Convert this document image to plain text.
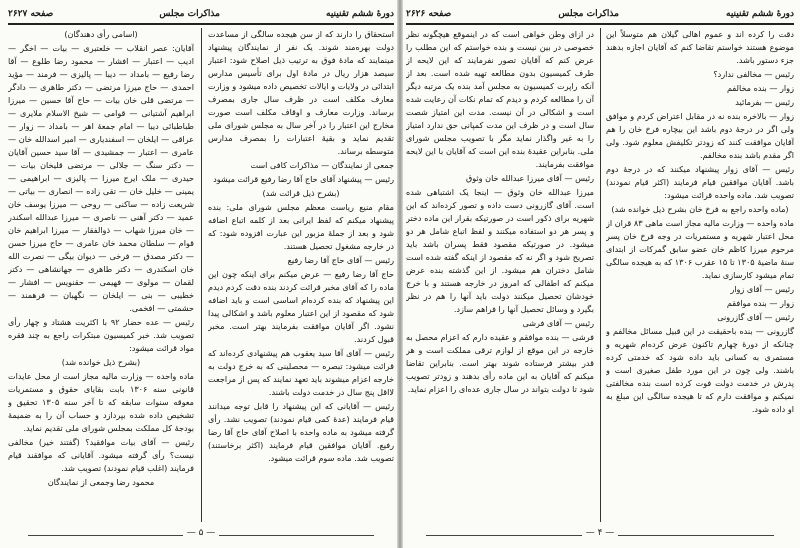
صفحه ۲۶۲۷	مذاکرات مجلس	دورهٔ ششم تقنینیه

(اسامی رأی دهندگان)

آقایان: عصر انقلاب — خلعتبری — بیات — اخگر — ادیب — اعتبار — افشار — محمود رضا طلوع — آقا رضا رفیع — بامداد — دیبا — پالیزی — فرمند — مؤید احمدی — حاج میرزا مرتضی — دکتر طاهری — دادگر — مرتضی قلی خان بیات — حاج آقا حسین — میرزا ابراهیم آشتیانی — قوامی — شیخ الاسلام ملایری — طباطبائی دیبا — امام جمعهٔ اهر — بامداد — زوار — عراقی — ایلخان — اسفندیاری — امیر اسدالله خان — عامری — اعتبار — جمشیدی — آقا سید حسین آقایان — دکتر سنگ — جلالی — مرتضی قلیخان بیات — حیدری — ملک ایرج میرزا — پالیزی — ابراهیمی — یمینی — خلیل خان — تقی زاده — انصاری — بیاتی — شریعت زاده — ساکنی — روحی — میرزا یوسف خان عمید — دکتر آهنی — ناصری — میرزا عبدالله اسکندر — خان میرزا شهاب — ذوالفقار — میرزا ابراهیم خان قوام — سلطان محمد خان عامری — حاج میرزا حسن — دکتر مصدق — فرخی — دیوان بیگی — نصرت الله خان اسکندری — دکتر طاهری — جهانشاهی — دکتر لقمان — مولوی — فهیمی — حقنویس — افشار — خطیبی — بنی — ایلخان — نگهبان — فرهمند — حشمتی — افخمی.

رئیس — عده حضار ۹۲ با اکثریت هشتاد و چهار رأی تصویب شد. خبر کمیسیون مبتکرات راجع به چند فقره مواد قرائت میشود:

(بشرح ذیل خوانده شد)

ماده واحده — وزارت مالیه مجاز است از محل عایدات قانونی سنه ۱۳۰۶ بابت بقایای حقوق و مستمریات معوقه سنوات سابقه که تا آخر سنه ۱۳۰۵ تحقیق و تشخیص داده شده بپردازد و حساب آن را به ضمیمهٔ بودجهٔ کل مملکت بمجلس شورای ملی تقدیم نماید.

رئیس — آقای بیات موافقید؟ (گفتند خیر) مخالفی نیست؟ رأی گرفته میشود. آقایانی که موافقند قیام فرمایند (اغلب قیام نمودند) تصویب شد.

محمود رضا وجمعی از نمایندگان

استحقاق را دارند که از سن هیجده سالگی از مساعدت دولت بهره‌مند شوند. یک نفر از نمایندگان پیشنهاد مینمایند که مادهٔ فوق به ترتیب ذیل اصلاح شود: اعتبار سیصد هزار ریال در مادهٔ اول برای تأسیس مدارس ابتدائی در ولایات و ایالات تخصیص داده میشود و وزارت معارف مکلف است در ظرف سال جاری بمصرف برساند. وزارت معارف و اوقاف مکلف است صورت مخارج این اعتبار را در آخر سال به مجلس شورای ملی تقدیم نماید و بقیهٔ اعتبارات را بمصرف مدارس متوسطه برساند.

جمعی از نمایندگان — مذاکرات کافی است

رئیس — پیشنهاد آقای حاج آقا رضا رفیع قرائت میشود

(بشرح ذیل قرائت شد)

مقام منیع ریاست معظم مجلس شورای ملی: بنده پیشنهاد میکنم که لفظ ایرانی بعد از کلمه اتباع اضافه شود و بعد از جملهٔ مزبور این عبارت افزوده شود: که در خارجه مشغول تحصیل هستند.

رئیس — آقای حاج آقا رضا رفیع

حاج آقا رضا رفیع — عرض میکنم برای اینکه چون این ماده را که آقای مخبر قرائت کردند بنده دقت کردم دیدم این پیشنهاد که بنده کرده‌ام اساسی است و باید اضافه شود که مقصود از این اعتبار معلوم باشد و اشکالی پیدا نشود. اگر آقایان موافقت بفرمایند بهتر است. مخبر قبول کردند.

رئیس — آقای آقا سید یعقوب هم پیشنهادی کرده‌اند که قرائت میشود: تبصره — محصلینی که به خرج دولت به خارجه اعزام میشوند باید تعهد نمایند که پس از مراجعت لااقل پنج سال در خدمت دولت باشند.

رئیس — آقایانی که این پیشنهاد را قابل توجه میدانند قیام فرمایند (عدهٔ کمی قیام نمودند) تصویب نشد. رأی گرفته میشود به ماده واحده با اصلاح آقای حاج آقا رضا رفیع. آقایان موافقین قیام فرمایند (اکثر برخاستند) تصویب شد. ماده سوم قرائت میشود.

— ۵ —
صفحه ۲۶۲۶	مذاکرات مجلس	دورهٔ ششم تقنینیه

در ازای وطن خواهی است که در اینموقع هیچگونه نظر خصوصی در بین نیست و بنده خواستم که این مطلب را عرض کنم که آقایان تصور نفرمایند که این لایحه از طرف کمیسیون بدون مطالعه تهیه شده است. بعد از آنکه راپرت کمیسیون به مجلس آمد بنده یک مرتبه دیگر آن را مطالعه کردم و دیدم که تمام نکات آن رعایت شده است و اشکالی در آن نیست. مدت این امتیاز شصت سال است و در ظرف این مدت کمپانی حق ندارد امتیاز را به غیر واگذار نماید مگر با تصویب مجلس شورای ملی. بنابراین عقیدهٔ بنده این است که آقایان با این لایحه موافقت بفرمایند.

رئیس — آقای میرزا عبدالله خان وثوق

میرزا عبدالله خان وثوق — اینجا یک اشتباهی شده است. آقای گازرونی دست داده و تصور کرده‌اند که این شهریه برای ذکور است در صورتیکه بقرار این ماده دختر و پسر هر دو استفاده میکنند و لفظ اتباع شامل هر دو میشود. در صورتیکه مقصود فقط پسران باشد باید تصریح شود و اگر نه که مقصود از اینکه گفته شده است شامل دختران هم میشود. از این گذشته بنده عرض میکنم که اطفالی که امروز در خارجه هستند و با خرج خودشان تحصیل میکنند دولت باید آنها را هم در نظر بگیرد و وسائل تحصیل آنها را فراهم سازد.

رئیس — آقای فرشی

فرشی — بنده موافقم و عقیده دارم که اعزام محصل به خارجه در این موقع از لوازم ترقی مملکت است و هر قدر بیشتر فرستاده شوند بهتر است. بنابراین تقاضا میکنم که آقایان به این ماده رأی بدهند و زودتر تصویب شود تا دولت بتواند در سال جاری عده‌ای را اعزام نماید.

دقت را کرده اند و عموم اهالی گیلان هم متوسلاً این موضوع هستند خواستم تقاضا کنم که آقایان اجازه بدهند جزء دستور باشد.

رئیس — مخالفی ندارد؟

زوار — بنده مخالفم

رئیس — بفرمائید

زوار — بالاخره بنده نه در مقابل اعتراض کردم و موافق ولی اگر در درجهٔ دوم باشد این بیچاره فرخ خان را هم آقایان موافقت کنند که زودتر تکلیفش معلوم شود. ولی اگر مقدم باشد بنده مخالفم.

رئیس — آقای زوار پیشنهاد میکنند که در درجهٔ دوم باشد. آقایان موافقین قیام فرمایند (اکثر قیام نمودند) تصویب شد. ماده واحده قرائت میشود:

(ماده واحده راجع به فرخ خان بشرح ذیل خوانده شد)

ماده واحده — وزارت مالیه مجاز است ماهی ۸۳ قران از محل اعتبار شهریه و مستمریات در وجه فرخ خان پسر مرحوم میرزا کاظم خان عضو سابق گمرکات از ابتدای سنهٔ ماضیهٔ ۱۳۰۵ تا ۱۵ عقرب ۱۳۰۶ که به هیجده سالگی تمام میشود کارسازی نماید.

رئیس — آقای زوار

زوار — بنده موافقم

رئیس — آقای گازرونی

گازرونی — بنده باحقیقت در این قبیل مسائل مخالفم و چنانکه از دورهٔ چهارم تاکنون عرض کرده‌ام شهریه و مستمری به کسانی باید داده شود که خدمتی کرده باشند. ولی چون در این مورد طفل صغیری است و پدرش در خدمت دولت فوت کرده است بنده مخالفتی نمیکنم و موافقت دارم که تا هیجده سالگی این مبلغ به او داده شود.

— ۴ —
